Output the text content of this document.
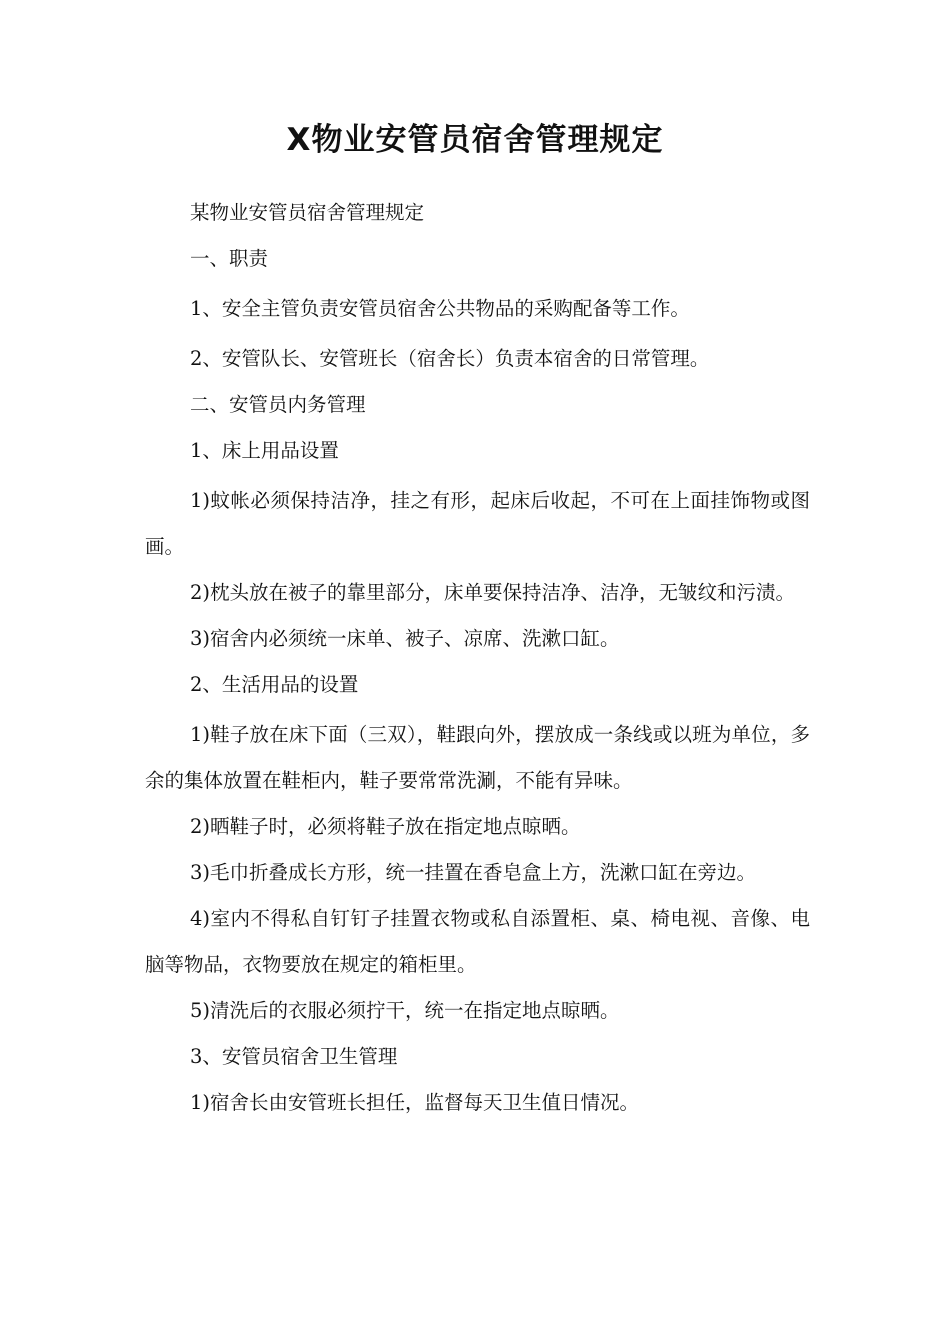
X物业安管员宿舍管理规定

某物业安管员宿舍管理规定

一、职责

1、安全主管负责安管员宿舍公共物品的采购配备等工作。

2、安管队长、安管班长（宿舍长）负责本宿舍的日常管理。

二、安管员内务管理

1、床上用品设置

1)蚊帐必须保持洁净，挂之有形，起床后收起，不可在上面挂饰物或图画。

2)枕头放在被子的靠里部分，床单要保持洁净、洁净，无皱纹和污渍。

3)宿舍内必须统一床单、被子、凉席、洗漱口缸。

2、生活用品的设置

1)鞋子放在床下面（三双），鞋跟向外，摆放成一条线或以班为单位，多余的集体放置在鞋柜内，鞋子要常常洗涮，不能有异味。

2)晒鞋子时，必须将鞋子放在指定地点晾晒。

3)毛巾折叠成长方形，统一挂置在香皂盒上方，洗漱口缸在旁边。

4)室内不得私自钉钉子挂置衣物或私自添置柜、桌、椅电视、音像、电脑等物品，衣物要放在规定的箱柜里。

5)清洗后的衣服必须拧干，统一在指定地点晾晒。

3、安管员宿舍卫生管理

1)宿舍长由安管班长担任，监督每天卫生值日情况。
